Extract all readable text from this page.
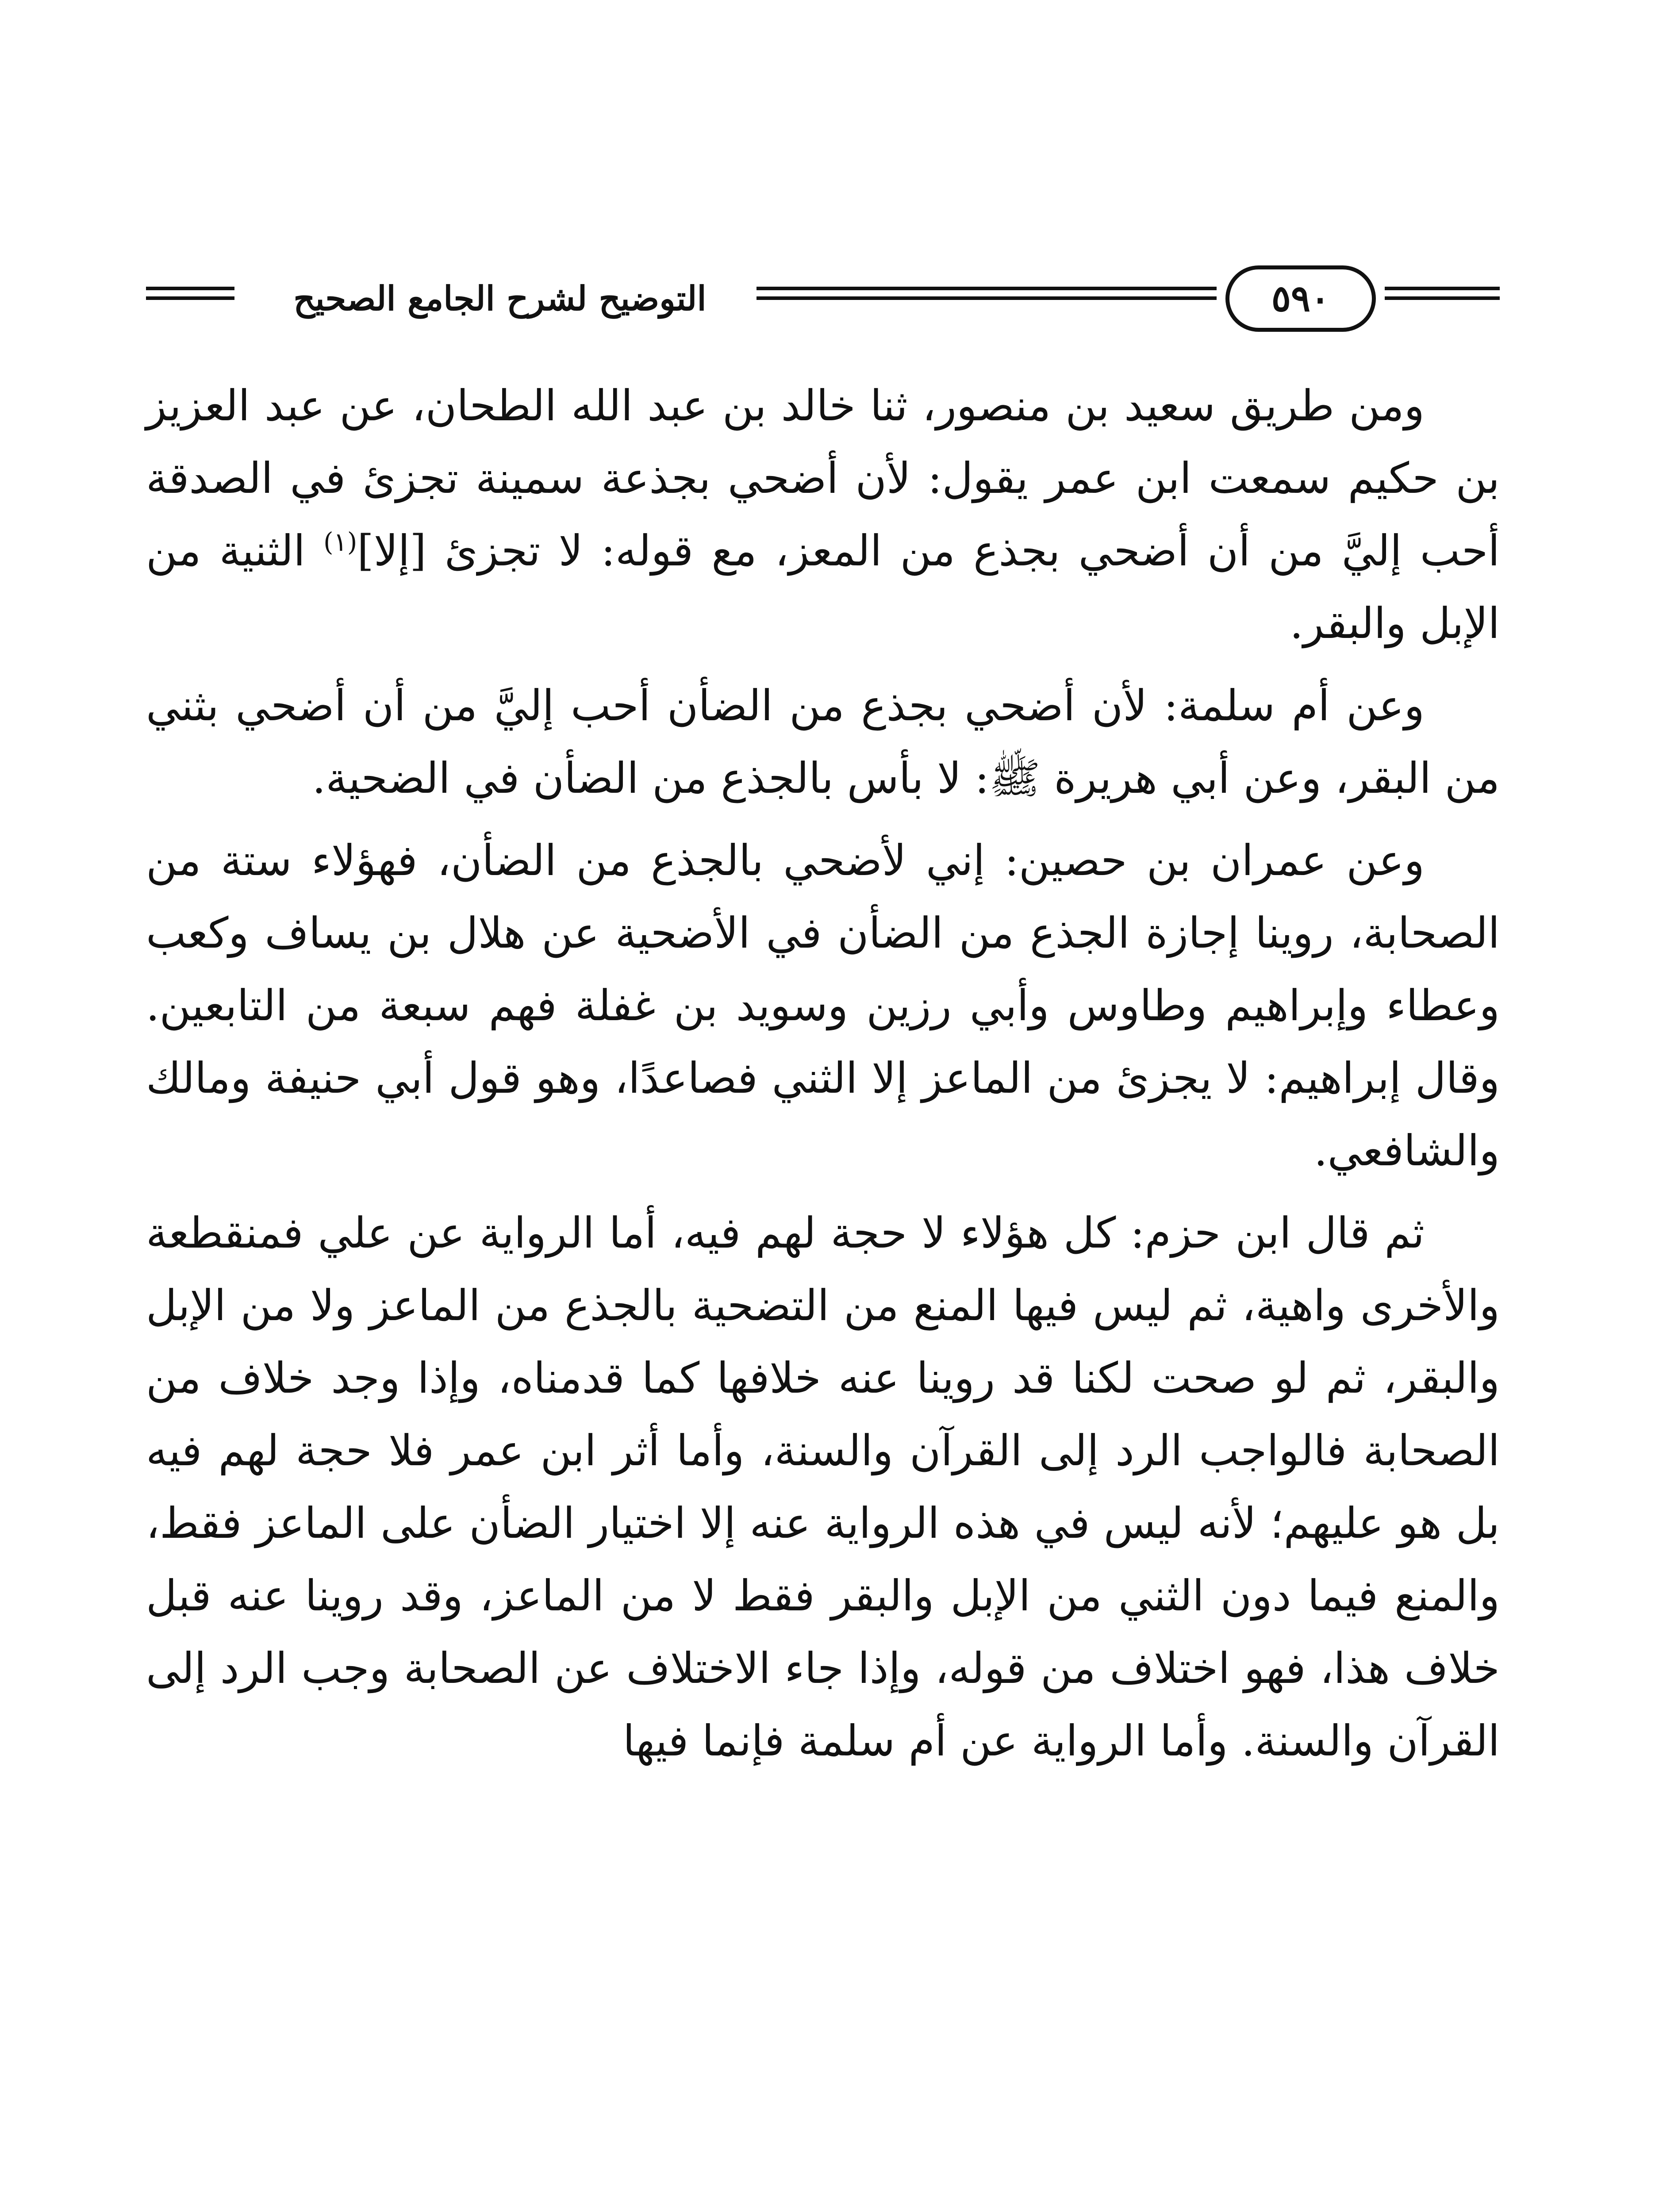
التوضيح لشرح الجامع الصحيح	٥٩٠

ومن طريق سعيد بن منصور، ثنا خالد بن عبد الله الطحان، عن عبد العزيز بن حكيم سمعت ابن عمر يقول: لأن أضحي بجذعة سمينة تجزئ في الصدقة أحب إليَّ من أن أضحي بجذع من المعز، مع قوله: لا تجزئ [إلا]$^{(١)}$ الثنية من الإبل والبقر.

وعن أم سلمة: لأن أضحي بجذع من الضأن أحب إليَّ من أن أضحي بثني من البقر، وعن أبي هريرة ﷺ: لا بأس بالجذع من الضأن في الضحية.

وعن عمران بن حصين: إني لأضحي بالجذع من الضأن، فهؤلاء ستة من الصحابة، روينا إجازة الجذع من الضأن في الأضحية عن هلال بن يساف وكعب وعطاء وإبراهيم وطاوس وأبي رزين وسويد بن غفلة فهم سبعة من التابعين. وقال إبراهيم: لا يجزئ من الماعز إلا الثني فصاعدًا، وهو قول أبي حنيفة ومالك والشافعي.

ثم قال ابن حزم: كل هؤلاء لا حجة لهم فيه، أما الرواية عن علي فمنقطعة والأخرى واهية، ثم ليس فيها المنع من التضحية بالجذع من الماعز ولا من الإبل والبقر، ثم لو صحت لكنا قد روينا عنه خلافها كما قدمناه، وإذا وجد خلاف من الصحابة فالواجب الرد إلى القرآن والسنة، وأما أثر ابن عمر فلا حجة لهم فيه بل هو عليهم؛ لأنه ليس في هذه الرواية عنه إلا اختيار الضأن على الماعز فقط، والمنع فيما دون الثني من الإبل والبقر فقط لا من الماعز، وقد روينا عنه قبل خلاف هذا، فهو اختلاف من قوله، وإذا جاء الاختلاف عن الصحابة وجب الرد إلى القرآن والسنة. وأما الرواية عن أم سلمة فإنما فيها
